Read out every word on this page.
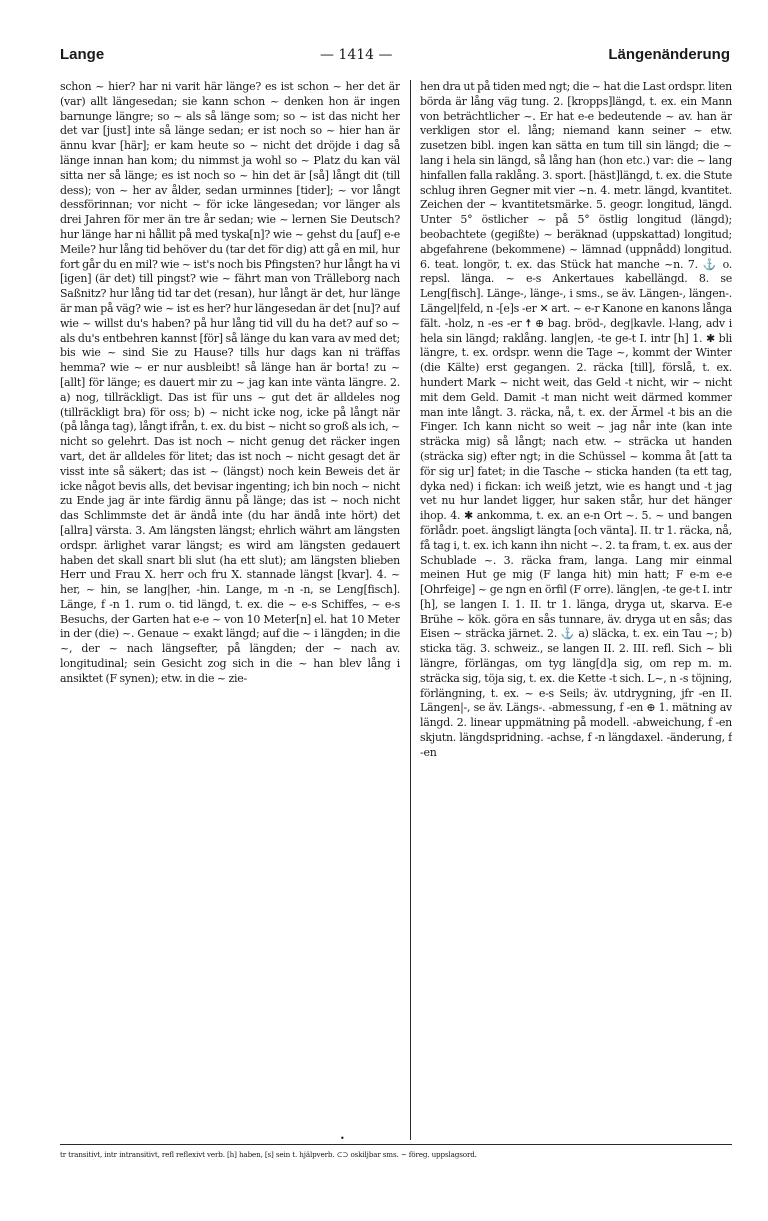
Lange	— 1414 —	Längenänderung
schon ~ hier? har ni varit här länge? es ist schon ~ her det är (var) allt längesedan; sie kann schon ~ denken hon är ingen barnunge längre; so ~ als så länge som; so ~ ist das nicht her det var [just] inte så länge sedan; er ist noch so ~ hier han är ännu kvar [här]; er kam heute so ~ nicht det dröjde i dag så länge innan han kom; du nimmst ja wohl so ~ Platz du kan väl sitta ner så länge; es ist noch so ~ hin det är [så] långt dit (till dess); von ~ her av ålder, sedan urminnes [tider]; ~ vor långt dessförinnan; vor nicht ~ för icke längesedan; vor länger als drei Jahren för mer än tre år sedan; wie ~ lernen Sie Deutsch? hur länge har ni hållit på med tyska[n]? wie ~ gehst du [auf] e-e Meile? hur lång tid behöver du (tar det för dig) att gå en mil, hur fort går du en mil? wie ~ ist's noch bis Pfingsten? hur långt ha vi [igen] (är det) till pingst? wie ~ fährt man von Trälleborg nach Saßnitz? hur lång tid tar det (resan), hur långt är det, hur länge är man på väg? wie ~ ist es her? hur längesedan är det [nu]? auf wie ~ willst du's haben? på hur lång tid vill du ha det? auf so ~ als du's entbehren kannst [för] så länge du kan vara av med det; bis wie ~ sind Sie zu Hause? tills hur dags kan ni träffas hemma? wie ~ er nur ausbleibt! så länge han är borta! zu ~ [allt] för länge; es dauert mir zu ~ jag kan inte vänta längre. 2. a) nog, tillräckligt. Das ist für uns ~ gut det är alldeles nog (tillräckligt bra) för oss; b) ~ nicht icke nog, icke på långt när (på långa tag), långt ifrån, t. ex. du bist ~ nicht so groß als ich, ~ nicht so gelehrt. Das ist noch ~ nicht genug det räcker ingen vart, det är alldeles för litet; das ist noch ~ nicht gesagt det är visst inte så säkert; das ist ~ (längst) noch kein Beweis det är icke något bevis alls, det bevisar ingenting; ich bin noch ~ nicht zu Ende jag är inte färdig ännu på länge; das ist ~ noch nicht das Schlimmste det är ändå inte (du har ändå inte hört) det [allra] värsta. 3. Am längsten längst; ehrlich währt am längsten ordspr. ärlighet varar längst; es wird am längsten gedauert haben det skall snart bli slut (ha ett slut); am längsten blieben Herr und Frau X. herr och fru X. stannade längst [kvar]. 4. ~ her, ~ hin, se lang|her, -hin. Lange, m -n -n, se Leng[fisch]. Länge, f -n 1. rum o. tid längd, t. ex. die ~ e-s Schiffes, ~ e-s Besuchs, der Garten hat e-e ~ von 10 Meter[n] el. hat 10 Meter in der (die) ~. Genaue ~ exakt längd; auf die ~ i längden; in die ~, der ~ nach längsefter, på längden; der ~ nach av. longitudinal; sein Gesicht zog sich in die ~ han blev lång i ansiktet (F synen); etw. in die ~ zie-
hen dra ut på tiden med ngt; die ~ hat die Last ordspr. liten börda är lång väg tung. 2. [kropps]längd, t. ex. ein Mann von beträchtlicher ~. Er hat e-e bedeutende ~ av. han är verkligen stor el. lång; niemand kann seiner ~ etw. zusetzen bibl. ingen kan sätta en tum till sin längd; die ~ lang i hela sin längd, så lång han (hon etc.) var: die ~ lang hinfallen falla raklång. 3. sport. [häst]längd, t. ex. die Stute schlug ihren Gegner mit vier ~n. 4. metr. längd, kvantitet. Zeichen der ~ kvantitetsmärke. 5. geogr. longitud, längd. Unter 5° östlicher ~ på 5° östlig longitud (längd); beobachtete (gegißte) ~ beräknad (uppskattad) longitud; abgefahrene (bekommene) ~ lämnad (uppnådd) longitud. 6. teat. longör, t. ex. das Stück hat manche ~n. 7. ⚓ o. repsl. länga. ~ e-s Ankertaues kabellängd. 8. se Leng[fisch]. Länge-, länge-, i sms., se äv. Längen-, längen-. Längel|feld, n -[e]s -er ✕ art. ~ e-r Kanone en kanons långa fält. -holz, n -es -er ☨ ⊕ bag. bröd-, deg|kavle. l-lang, adv i hela sin längd; raklång. lang|en, -te ge-t I. intr [h] 1. ✱ bli längre, t. ex. ordspr. wenn die Tage ~, kommt der Winter (die Kälte) erst gegangen. 2. räcka [till], förslå, t. ex. hundert Mark ~ nicht weit, das Geld -t nicht, wir ~ nicht mit dem Geld. Damit -t man nicht weit därmed kommer man inte långt. 3. räcka, nå, t. ex. der Ärmel -t bis an die Finger. Ich kann nicht so weit ~ jag når inte (kan inte sträcka mig) så långt; nach etw. ~ sträcka ut handen (sträcka sig) efter ngt; in die Schüssel ~ komma åt [att ta för sig ur] fatet; in die Tasche ~ sticka handen (ta ett tag, dyka ned) i fickan: ich weiß jetzt, wie es hangt und -t jag vet nu hur landet ligger, hur saken står, hur det hänger ihop. 4. ✱ ankomma, t. ex. an e-n Ort ~. 5. ~ und bangen förlådr. poet. ängsligt längta [och vänta]. II. tr 1. räcka, nå, få tag i, t. ex. ich kann ihn nicht ~. 2. ta fram, t. ex. aus der Schublade ~. 3. räcka fram, langa. Lang mir einmal meinen Hut ge mig (F langa hit) min hatt; F e-m e-e [Ohrfeige] ~ ge ngn en örfil (F orre). läng|en, -te ge-t I. intr [h], se langen I. 1. II. tr 1. länga, dryga ut, skarva. E-e Brühe ~ kök. göra en sås tunnare, äv. dryga ut en sås; das Eisen ~ sträcka järnet. 2. ⚓ a) släcka, t. ex. ein Tau ~; b) sticka täg. 3. schweiz., se langen II. 2. III. refl. Sich ~ bli längre, förlängas, om tyg läng[d]a sig, om rep m. m. sträcka sig, töja sig, t. ex. die Kette -t sich. L~, n -s töjning, förlängning, t. ex. ~ e-s Seils; äv. utdrygning, jfr -en II. Längen|-, se äv. Längs-. -abmessung, f -en ⊕ 1. mätning av längd. 2. linear uppmätning på modell. -abweichung, f -en skjutn. längdspridning. -achse, f -n längdaxel. -änderung, f -en
•
tr transitivt, intr intransitivt, refl reflexivt verb. [h] haben, [s] sein t. hjälpverb. ⊂⊃ oskiljbar sms. ~ föreg. uppslagsord.
